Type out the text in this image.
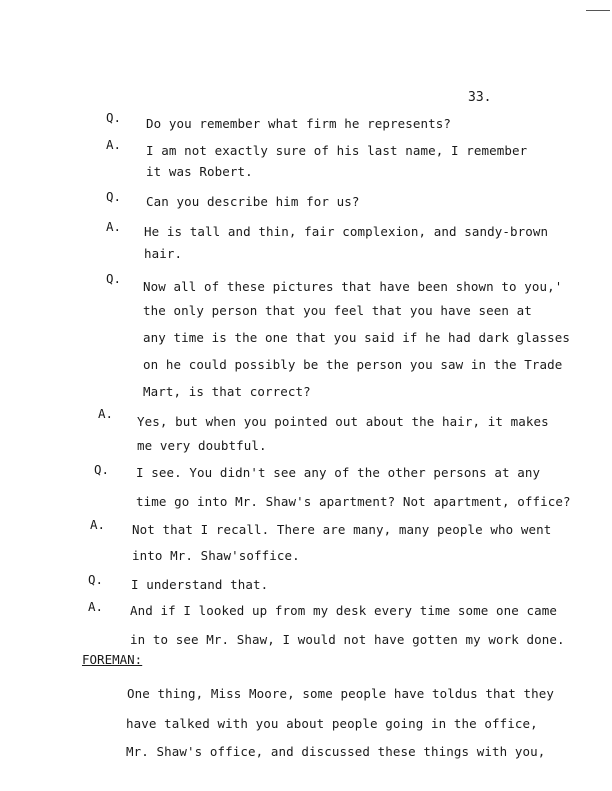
33.
Q. Do you remember what firm he represents?
A. I am not exactly sure of his last name, I remember
it was Robert.
Q. Can you describe him for us?
A. He is tall and thin, fair complexion, and sandy-brown
hair.
Q.
Now all of these pictures that have been shown to you,'
the only person that you feel that you have seen at
any time is the one that you said if he had dark glasses
on he could possibly be the person you saw in the Trade
Mart, is that correct?
A.
Yes, but when you pointed out about the hair, it makes
me very doubtful.
Q. I see. You didn't see any of the other persons at any
time go into Mr. Shaw's apartment? Not apartment, office?
A. Not that I recall. There are many, many people who went
into Mr. Shaw'soffice.
Q. I understand that.
A. And if I looked up from my desk every time some one came
in to see Mr. Shaw, I would not have gotten my work done.
FOREMAN:
One thing, Miss Moore, some people have toldus that they
have talked with you about people going in the office,
Mr. Shaw's office, and discussed these things with you,
